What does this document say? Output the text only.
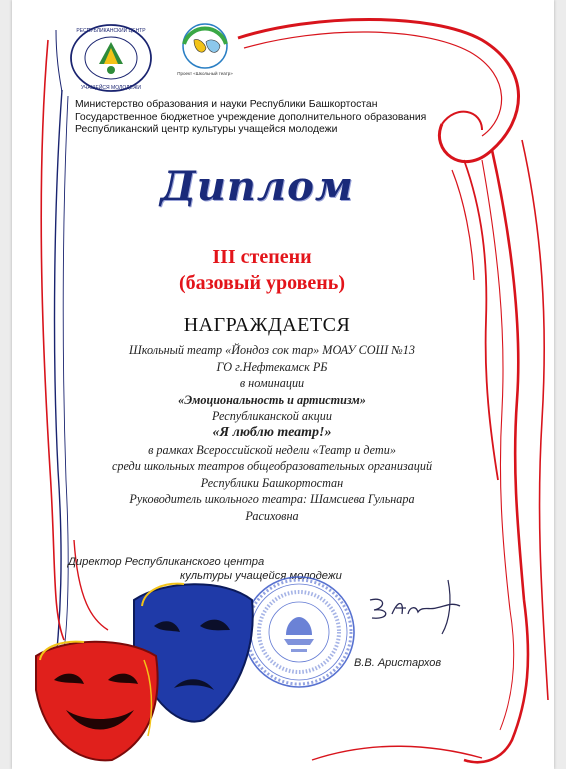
РЕСПУБЛИКАНСКИЙ ЦЕНТР
УЧАЩЕЙСЯ МОЛОДЕЖИ
Проект «Школьный театр»
Министерство образования и науки Республики Башкортостан
Государственное бюджетное учреждение дополнительного образования
Республиканский центр культуры учащейся молодежи
Диплом
III степени
(базовый уровень)
НАГРАЖДАЕТСЯ
Школьный театр «Йондоз сок тар» МОАУ СОШ №13
ГО г.Нефтекамск РБ
в номинации
«Эмоциональность и артистизм»
Республиканской акции
«Я люблю театр!»
в рамках Всероссийской недели «Театр и дети»
среди школьных театров общеобразовательных организаций
Республики Башкортостан
Руководитель школьного театра: Шамсиева Гульнара
Расиховна
Директор Республиканского центра
культуры учащейся молодежи
В.В. Аристархов
